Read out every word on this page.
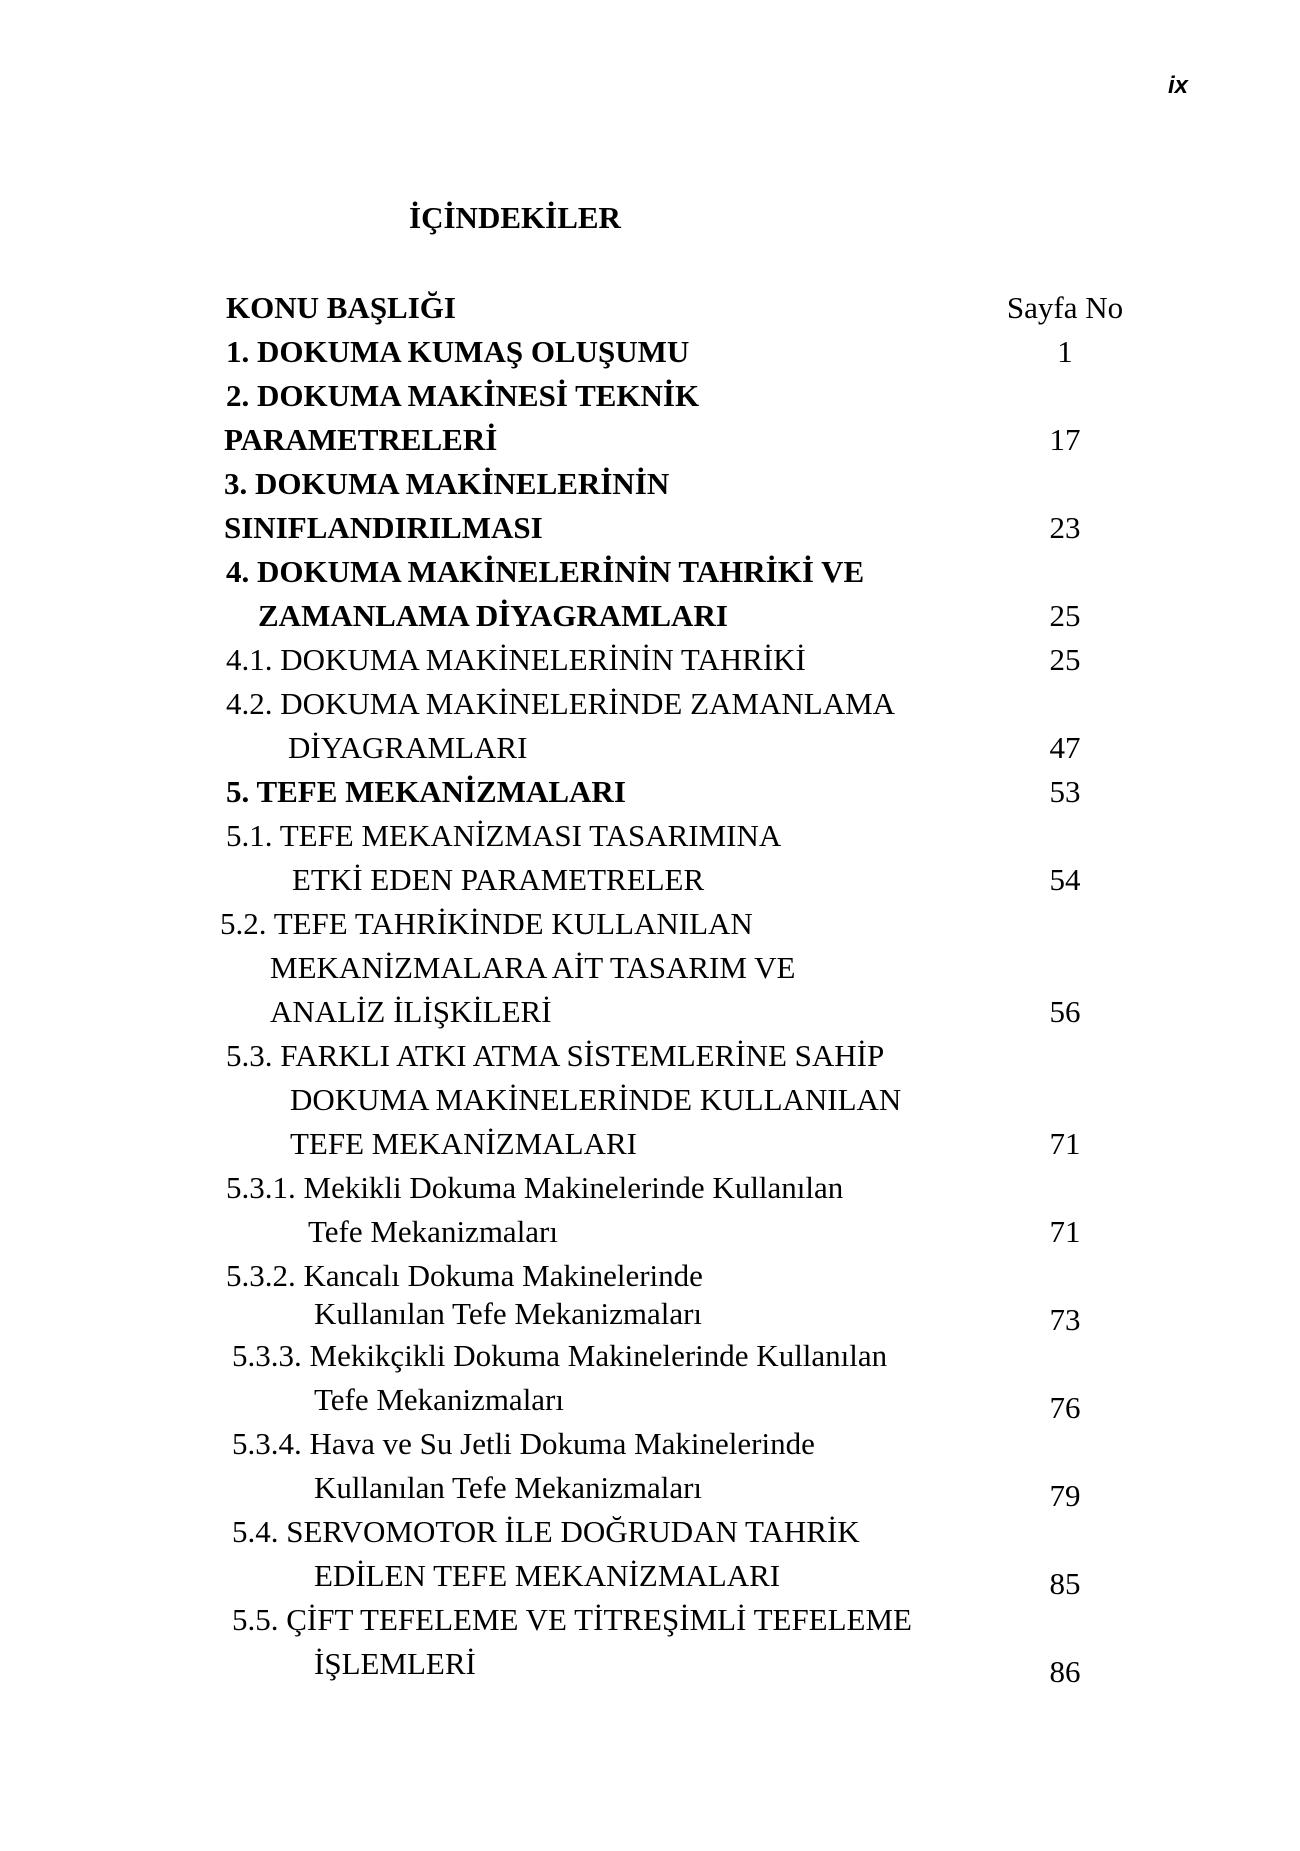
ix
İÇİNDEKİLER
KONU BAŞLIĞI	Sayfa No
1. DOKUMA KUMAŞ OLUŞUMU	1
2. DOKUMA MAKİNESİ TEKNİK
PARAMETRELERİ	17
3. DOKUMA MAKİNELERİNİN
SINIFLANDIRILMASI	23
4. DOKUMA MAKİNELERİNİN TAHRİKİ VE
ZAMANLAMA DİYAGRAMLARI	25
4.1. DOKUMA MAKİNELERİNİN TAHRİKİ	25
4.2. DOKUMA MAKİNELERİNDE ZAMANLAMA
DİYAGRAMLARI	47
5. TEFE MEKANİZMALARI	53
5.1. TEFE MEKANİZMASI TASARIMINA
ETKİ EDEN PARAMETRELER	54
5.2. TEFE TAHRİKİNDE KULLANILAN
MEKANİZMALARA AİT TASARIM VE
ANALİZ İLİŞKİLERİ	56
5.3. FARKLI ATKI ATMA SİSTEMLERİNE SAHİP
DOKUMA MAKİNELERİNDE KULLANILAN
TEFE MEKANİZMALARI	71
5.3.1. Mekikli Dokuma Makinelerinde Kullanılan
Tefe Mekanizmaları	71
5.3.2. Kancalı Dokuma Makinelerinde
Kullanılan Tefe Mekanizmaları	73
5.3.3. Mekikçikli Dokuma Makinelerinde Kullanılan
Tefe Mekanizmaları	76
5.3.4. Hava ve Su Jetli Dokuma Makinelerinde
Kullanılan Tefe Mekanizmaları	79
5.4. SERVOMOTOR İLE DOĞRUDAN TAHRİK
EDİLEN TEFE MEKANİZMALARI	85
5.5. ÇİFT TEFELEME VE TİTREŞİMLİ TEFELEME
İŞLEMLERİ	86
